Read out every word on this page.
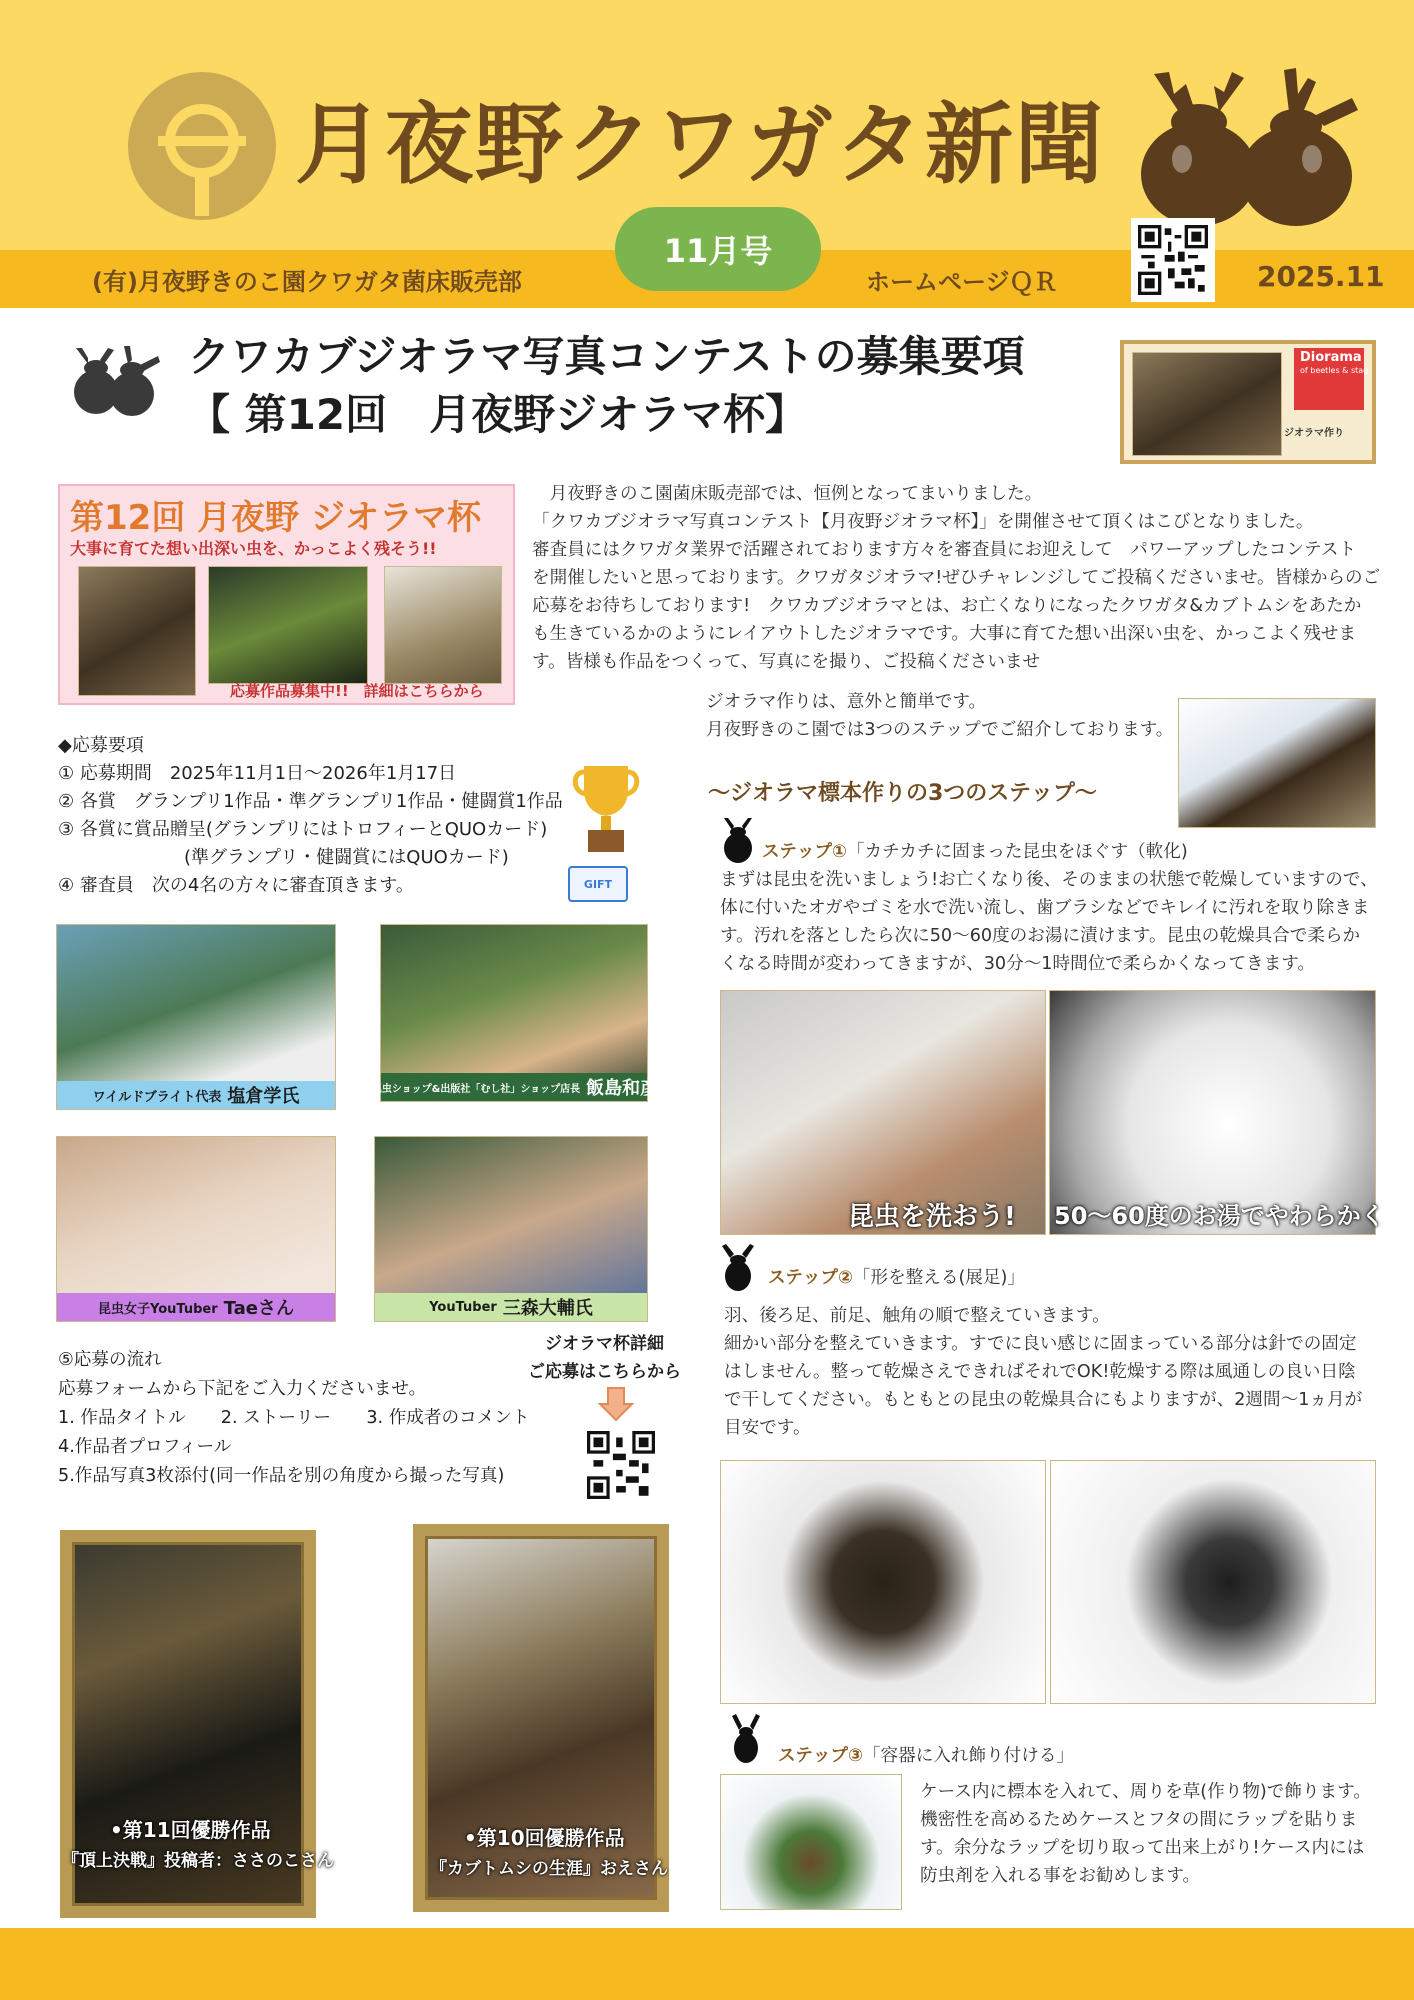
月夜野クワガタ新聞
11月号
(有)月夜野きのこ園クワガタ菌床販売部	ホームページＱＲ	2025.11
クワカブジオラマ写真コンテストの募集要項
【 第12回　月夜野ジオラマ杯】
Diorama
of beetles & stag
ジオラマ作り
第12回 月夜野 ジオラマ杯
大事に育てた想い出深い虫を、かっこよく残そう!!
応募作品募集中!!　詳細はこちらから

　月夜野きのこ園菌床販売部では、恒例となってまいりました。

「クワカブジオラマ写真コンテスト【月夜野ジオラマ杯】」を開催させて頂くはこびとなりました。

審査員にはクワガタ業界で活躍されております方々を審査員にお迎えして　パワーアップしたコンテスト

を開催したいと思っております。クワガタジオラマ!ぜひチャレンジしてご投稿くださいませ。皆様からのご

応募をお待ちしております!　クワカブジオラマとは、お亡くなりになったクワガタ&カブトムシをあたか

も生きているかのようにレイアウトしたジオラマです。大事に育てた想い出深い虫を、かっこよく残せま

す。皆様も作品をつくって、写真にを撮り、ご投稿くださいませ

ジオラマ作りは、意外と簡単です。

月夜野きのこ園では3つのステップでご紹介しております。

◆応募要項

① 応募期間　2025年11月1日～2026年1月17日

② 各賞　グランプリ1作品・準グランプリ1作品・健闘賞1作品

③ 各賞に賞品贈呈(グランプリにはトロフィーとQUOカード)

　　　　　　　(準グランプリ・健闘賞にはQUOカード)

④ 審査員　次の4名の方々に審査頂きます。	GIFT
～ジオラマ標本作りの3つのステップ～
ステップ①「カチカチに固まった昆虫をほぐす（軟化)

まずは昆虫を洗いましょう!お亡くなり後、そのままの状態で乾燥していますので、

体に付いたオガやゴミを水で洗い流し、歯ブラシなどでキレイに汚れを取り除きま

す。汚れを落としたら次に50～60度のお湯に漬けます。昆虫の乾燥具合で柔らか

くなる時間が変わってきますが、30分～1時間位で柔らかくなってきます。

昆虫を洗おう! 50～60度のお湯でやわらかく
ステップ②「形を整える(展足)」

羽、後ろ足、前足、触角の順で整えていきます。

細かい部分を整えていきます。すでに良い感じに固まっている部分は針での固定

はしません。整って乾燥さえできればそれでOK!乾燥する際は風通しの良い日陰

で干してください。もともとの昆虫の乾燥具合にもよりますが、2週間～1ヵ月が

目安です。

ステップ③「容器に入れ飾り付ける」

ケース内に標本を入れて、周りを草(作り物)で飾ります。

機密性を高めるためケースとフタの間にラップを貼りま

す。余分なラップを切り取って出来上がり!ケース内には

防虫剤を入れる事をお勧めします。

ワイルドブライト代表 塩倉学氏	老舗昆虫ショップ&出版社「むし社」ショップ店長 飯島和彦氏
昆虫女子YouTuber Taeさん	YouTuber 三森大輔氏

⑤応募の流れ

応募フォームから下記をご入力くださいませ。

1. 作品タイトル　　2. ストーリー　　3. 作成者のコメント

4.作品者プロフィール

5.作品写真3枚添付(同一作品を別の角度から撮った写真)

ジオラマ杯詳細
ご応募はこちらから
•第11回優勝作品
『頂上決戦』投稿者：ささのこさん
•第10回優勝作品
『カブトムシの生涯』おえさん
